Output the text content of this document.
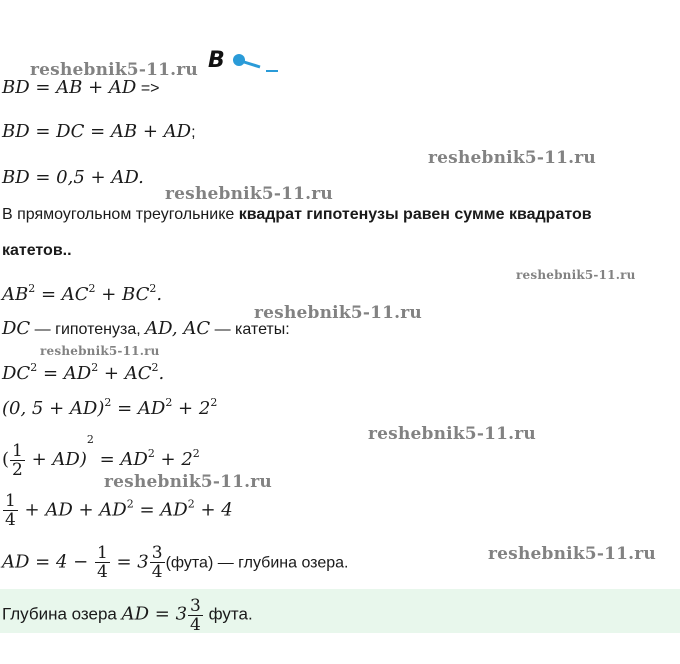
B
reshebnik5-11.ru
reshebnik5-11.ru
reshebnik5-11.ru
reshebnik5-11.ru
reshebnik5-11.ru
reshebnik5-11.ru
reshebnik5-11.ru
reshebnik5-11.ru
reshebnik5-11.ru
BD = AB + AD =>
BD = DC = AB + AD;
BD = 0,5 + AD.
В прямоугольном треугольнике квадрат гипотенузы равен сумме квадратов
катетов..
$AB^2 = AC^2 + BC^2$.
DC — гипотенуза, AD, AC — катеты:
$DC^2 = AD^2 + AC^2$.
(0, $5 + AD)^2 = AD^2 + 2^2$
( $\frac{1}{2} + AD)^2 = AD^2 + 2^2$
$\frac{1}{4}$ + AD + $AD^2 = AD^2 + 4$
AD = $4 - \frac{1}{4} = 3 \frac{3}{4}$ (фута) — глубина озера.
Глубина озера AD = $3 \frac{3}{4}$ фута.
